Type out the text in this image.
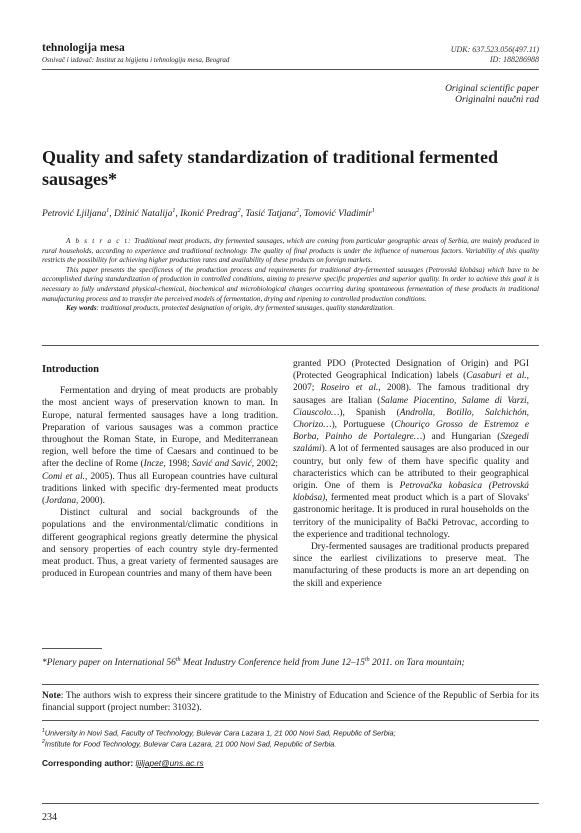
tehnologija mesa
Osnivač i izdavač: Institut za higijenu i tehnologiju mesa, Beograd
UDK: 637.523.056(497.11)
ID: 188286988
Original scientific paper
Originalni naučni rad
Quality and safety standardization of traditional fermented sausages*
Petrović Ljiljana$^1$, Džinić Natalija$^1$, Ikonić Predrag$^2$, Tasić Tatjana$^2$, Tomović Vladimir$^1$

A b s t r a c t: Traditional meat products, dry fermented sausages, which are coming from particular geographic areas of Serbia, are mainly produced in rural households, according to experience and traditional technology. The quality of final products is under the influence of numerous factors. Variability of this quality restricts the possibility for achieving higher production rates and availability of these products on foreign markets.

This paper presents the specificness of the production process and requirements for traditional dry-fermented sausages (Petrovská klobása) which have to be accomplished during standardization of production in controlled conditions, aiming to preserve specific properties and superior quality. In order to achieve this goal it is necessary to fully understand physical-chemical, biochemical and microbiological changes occurring during spontaneous fermentation of these products in traditional manufacturing process and to transfer the perceived models of fermentation, drying and ripening to controlled production conditions.

Key words: traditional products, protected designation of origin, dry fermented sausages, quality standardization.

Introduction

Fermentation and drying of meat products are probably the most ancient ways of preservation known to man. In Europe, natural fermented sausages have a long tradition. Preparation of various sausages was a common practice throughout the Roman State, in Europe, and Mediterranean region, well before the time of Caesars and continued to be after the decline of Rome (Incze, 1998; Savić and Savić, 2002; Comi et al., 2005). Thus all European countries have cultural traditions linked with specific dry-fermented meat products (Jordana, 2000).

Distinct cultural and social backgrounds of the populations and the environmental/climatic conditions in different geographical regions greatly determine the physical and sensory properties of each country style dry-fermented meat product. Thus, a great variety of fermented sausages are produced in European countries and many of them have been

granted PDO (Protected Designation of Origin) and PGI (Protected Geographical Indication) labels (Casaburi et al., 2007; Roseiro et al., 2008). The famous traditional dry sausages are Italian (Salame Piacentino, Salame di Varzi, Ciauscolo…), Spanish (Androlla, Botillo, Salchichón, Chorizo…), Portuguese (Chouriço Grosso de Estremoz e Borba, Painho de Portalegre…) and Hungarian (Szegedi szalámi). A lot of fermented sausages are also produced in our country, but only few of them have specific quality and characteristics which can be attributed to their geographical origin. One of them is Petrovačka kobasica (Petrovská klobása), fermented meat product which is a part of Slovaks' gastronomic heritage. It is produced in rural households on the territory of the municipality of Bački Petrovac, according to the experience and traditional technology.

Dry-fermented sausages are traditional products prepared since the earliest civilizations to preserve meat. The manufacturing of these products is more an art depending on the skill and experience

*Plenary paper on International 56th Meat Industry Conference held from June 12–15th 2011. on Tara mountain;
Note: The authors wish to express their sincere gratitude to the Ministry of Education and Science of the Republic of Serbia for its financial support (project number: 31032).
$^1$University in Novi Sad, Faculty of Technology, Bulevar Cara Lazara 1, 21 000 Novi Sad, Republic of Serbia;
$^2$Institute for Food Technology, Bulevar Cara Lazara, 21 000 Novi Sad, Republic of Serbia.
Corresponding author: ljiljapet@uns.ac.rs
234
